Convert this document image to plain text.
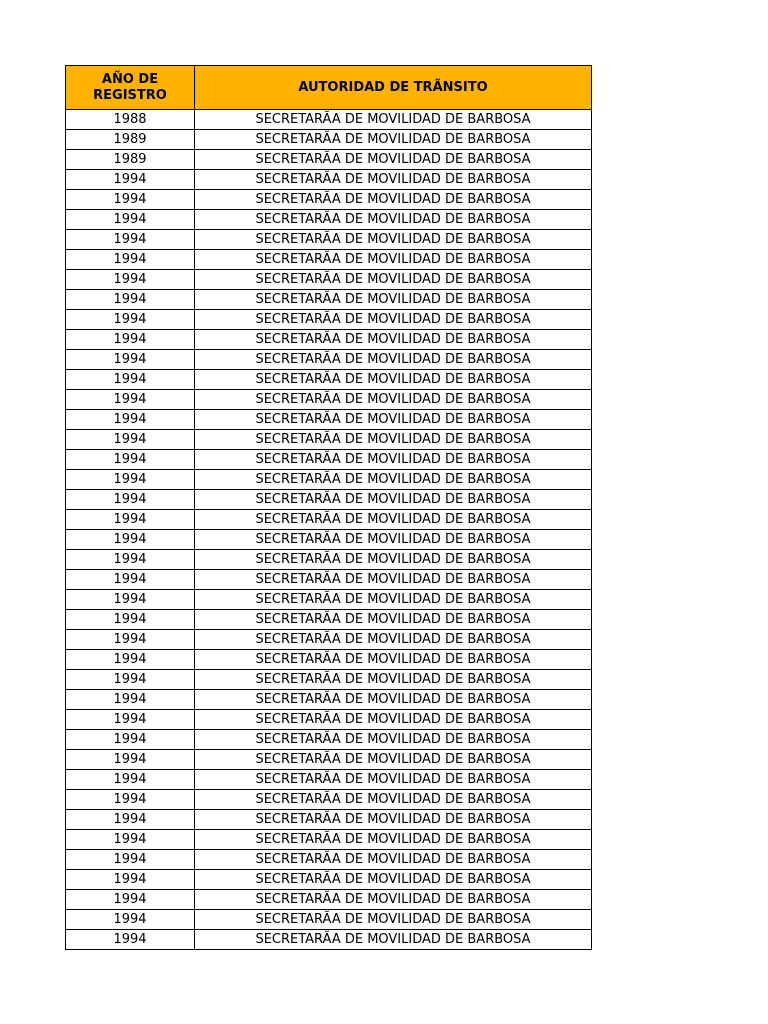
AÑO DE REGISTRO	AUTORIDAD DE TRÃNSITO
1988	SECRETARÃA DE MOVILIDAD DE BARBOSA
1989	SECRETARÃA DE MOVILIDAD DE BARBOSA
1989	SECRETARÃA DE MOVILIDAD DE BARBOSA
1994	SECRETARÃA DE MOVILIDAD DE BARBOSA
1994	SECRETARÃA DE MOVILIDAD DE BARBOSA
1994	SECRETARÃA DE MOVILIDAD DE BARBOSA
1994	SECRETARÃA DE MOVILIDAD DE BARBOSA
1994	SECRETARÃA DE MOVILIDAD DE BARBOSA
1994	SECRETARÃA DE MOVILIDAD DE BARBOSA
1994	SECRETARÃA DE MOVILIDAD DE BARBOSA
1994	SECRETARÃA DE MOVILIDAD DE BARBOSA
1994	SECRETARÃA DE MOVILIDAD DE BARBOSA
1994	SECRETARÃA DE MOVILIDAD DE BARBOSA
1994	SECRETARÃA DE MOVILIDAD DE BARBOSA
1994	SECRETARÃA DE MOVILIDAD DE BARBOSA
1994	SECRETARÃA DE MOVILIDAD DE BARBOSA
1994	SECRETARÃA DE MOVILIDAD DE BARBOSA
1994	SECRETARÃA DE MOVILIDAD DE BARBOSA
1994	SECRETARÃA DE MOVILIDAD DE BARBOSA
1994	SECRETARÃA DE MOVILIDAD DE BARBOSA
1994	SECRETARÃA DE MOVILIDAD DE BARBOSA
1994	SECRETARÃA DE MOVILIDAD DE BARBOSA
1994	SECRETARÃA DE MOVILIDAD DE BARBOSA
1994	SECRETARÃA DE MOVILIDAD DE BARBOSA
1994	SECRETARÃA DE MOVILIDAD DE BARBOSA
1994	SECRETARÃA DE MOVILIDAD DE BARBOSA
1994	SECRETARÃA DE MOVILIDAD DE BARBOSA
1994	SECRETARÃA DE MOVILIDAD DE BARBOSA
1994	SECRETARÃA DE MOVILIDAD DE BARBOSA
1994	SECRETARÃA DE MOVILIDAD DE BARBOSA
1994	SECRETARÃA DE MOVILIDAD DE BARBOSA
1994	SECRETARÃA DE MOVILIDAD DE BARBOSA
1994	SECRETARÃA DE MOVILIDAD DE BARBOSA
1994	SECRETARÃA DE MOVILIDAD DE BARBOSA
1994	SECRETARÃA DE MOVILIDAD DE BARBOSA
1994	SECRETARÃA DE MOVILIDAD DE BARBOSA
1994	SECRETARÃA DE MOVILIDAD DE BARBOSA
1994	SECRETARÃA DE MOVILIDAD DE BARBOSA
1994	SECRETARÃA DE MOVILIDAD DE BARBOSA
1994	SECRETARÃA DE MOVILIDAD DE BARBOSA
1994	SECRETARÃA DE MOVILIDAD DE BARBOSA
1994	SECRETARÃA DE MOVILIDAD DE BARBOSA
